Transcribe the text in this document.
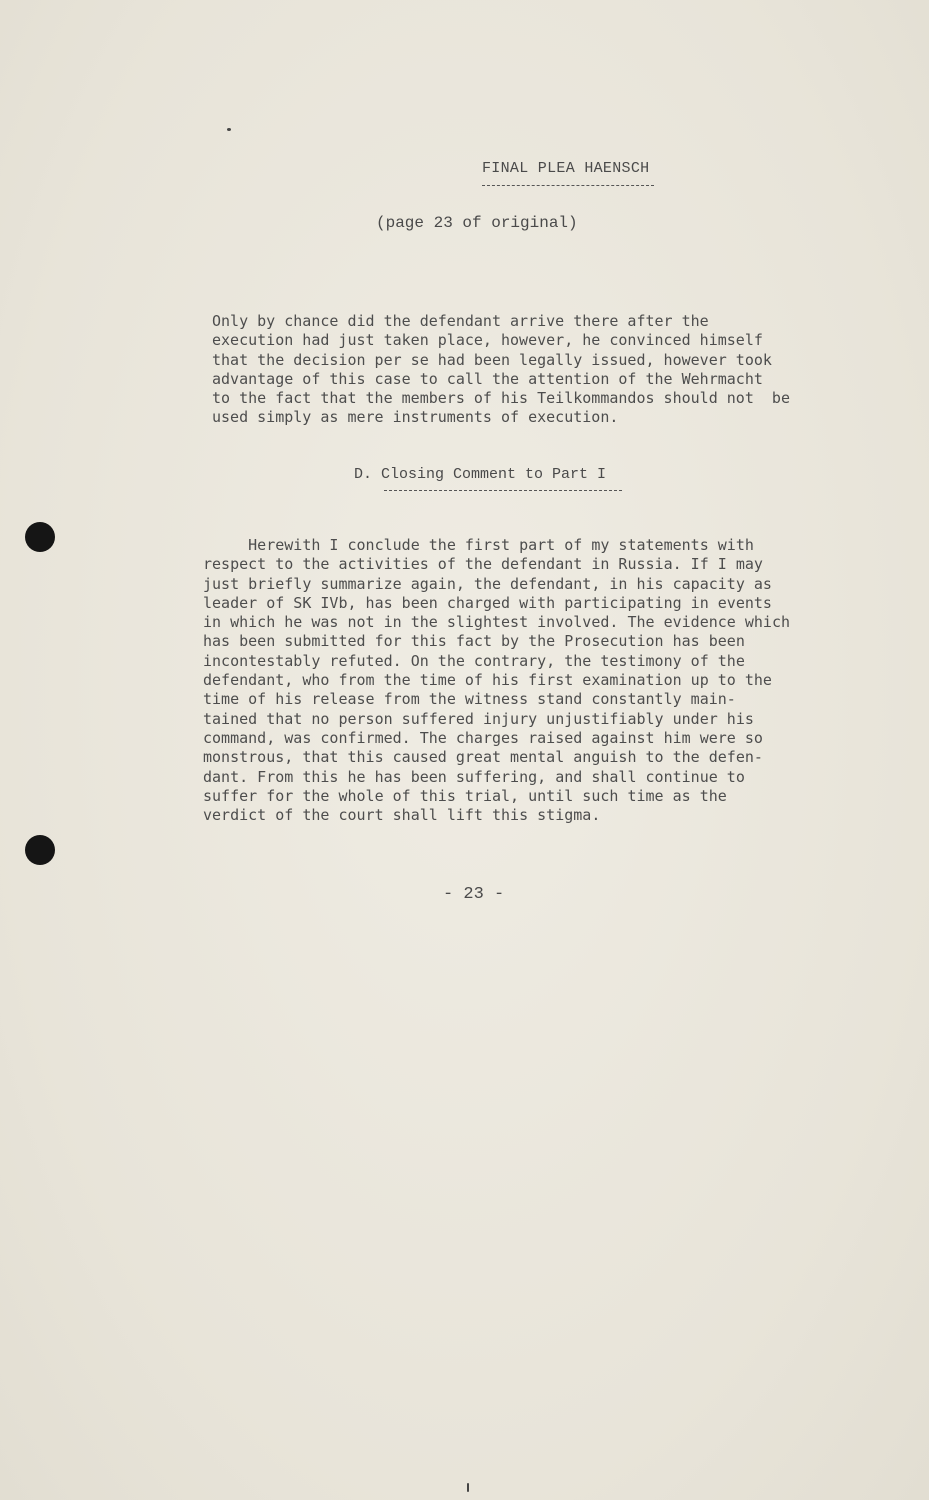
FINAL PLEA HAENSCH
(page 23 of original)
Only by chance did the defendant arrive there after the
execution had just taken place, however, he convinced himself
that the decision per se had been legally issued, however took
advantage of this case to call the attention of the Wehrmacht
to the fact that the members of his Teilkommandos should not  be
used simply as mere instruments of execution.
D. Closing Comment to Part I
Herewith I conclude the first part of my statements with
respect to the activities of the defendant in Russia. If I may
just briefly summarize again, the defendant, in his capacity as
leader of SK IVb, has been charged with participating in events
in which he was not in the slightest involved. The evidence which
has been submitted for this fact by the Prosecution has been
incontestably refuted. On the contrary, the testimony of the
defendant, who from the time of his first examination up to the
time of his release from the witness stand constantly main-
tained that no person suffered injury unjustifiably under his
command, was confirmed. The charges raised against him were so
monstrous, that this caused great mental anguish to the defen-
dant. From this he has been suffering, and shall continue to
suffer for the whole of this trial, until such time as the
verdict of the court shall lift this stigma.
- 23 -
